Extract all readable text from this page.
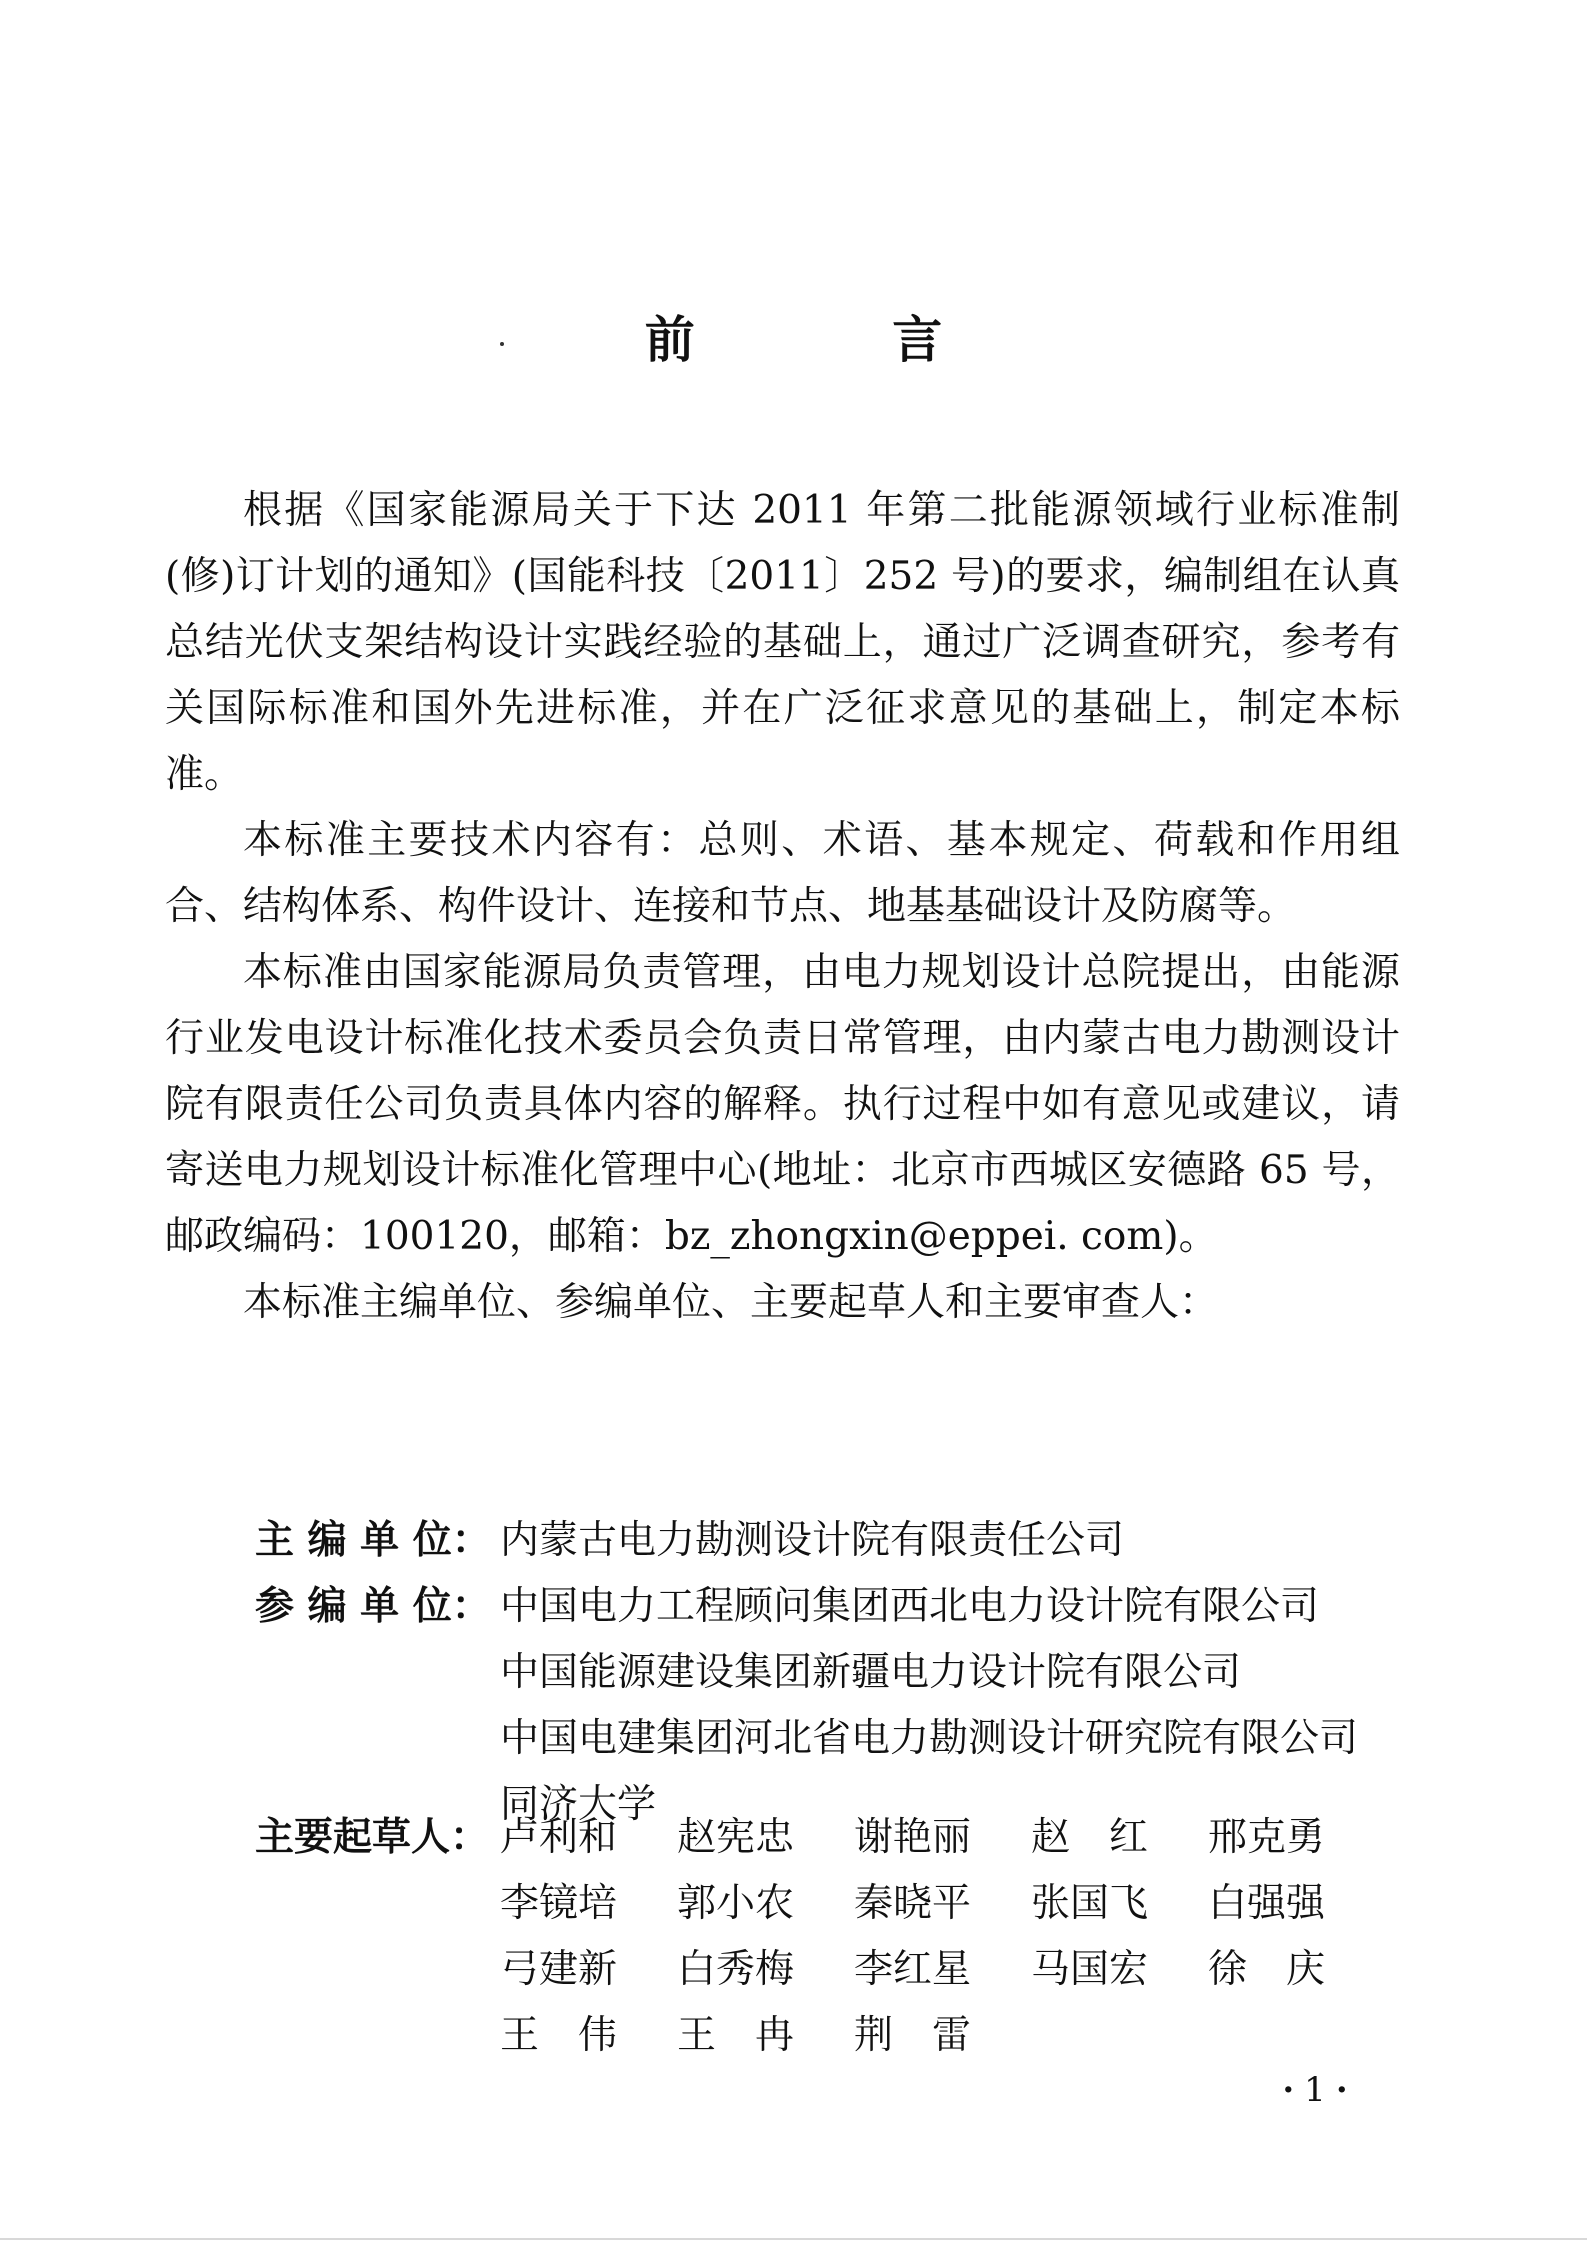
前 言

根据《国家能源局关于下达 2011 年第二批能源领域行业标准制(修)订计划的通知》(国能科技〔2011〕252 号)的要求，编制组在认真总结光伏支架结构设计实践经验的基础上，通过广泛调查研究，参考有关国际标准和国外先进标准，并在广泛征求意见的基础上，制定本标准。

本标准主要技术内容有：总则、术语、基本规定、荷载和作用组合、结构体系、构件设计、连接和节点、地基基础设计及防腐等。

本标准由国家能源局负责管理，由电力规划设计总院提出，由能源行业发电设计标准化技术委员会负责日常管理，由内蒙古电力勘测设计院有限责任公司负责具体内容的解释。执行过程中如有意见或建议，请寄送电力规划设计标准化管理中心(地址：北京市西城区安德路 65 号，邮政编码：100120，邮箱：bz_zhongxin@eppei. com)。

本标准主编单位、参编单位、主要起草人和主要审查人：

主 编 单 位： 内蒙古电力勘测设计院有限责任公司
参 编 单 位： 中国电力工程顾问集团西北电力设计院有限公司
中国能源建设集团新疆电力设计院有限公司
中国电建集团河北省电力勘测设计研究院有限公司
同济大学
主要起草人： 卢利和	赵宪忠	谢艳丽	赵　红	邢克勇
李镜培	郭小农	秦晓平	张国飞	白强强
弓建新	白秀梅	李红星	马国宏	徐　庆
王　伟	王　冉	荆　雷
· 1 ·
